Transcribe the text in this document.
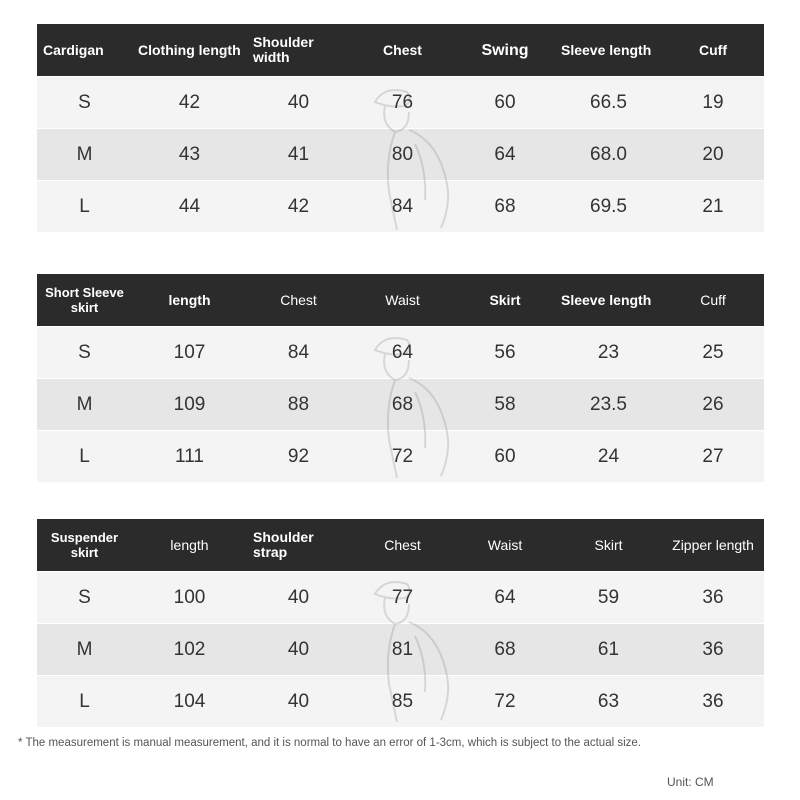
Cardigan	Clothing length	Shoulder width	Chest	Swing	Sleeve length	Cuff
S	42	40	76	60	66.5	19
M	43	41	80	64	68.0	20
L	44	42	84	68	69.5	21
Short Sleeve skirt	length	Chest	Waist	Skirt	Sleeve length	Cuff
S	107	84	64	56	23	25
M	109	88	68	58	23.5	26
L	111	92	72	60	24	27
Suspender skirt	length	Shoulder strap	Chest	Waist	Skirt	Zipper length
S	100	40	77	64	59	36
M	102	40	81	68	61	36
L	104	40	85	72	63	36
* The measurement is manual measurement, and it is normal to have an error of 1-3cm, which is subject to the actual size.
Unit: CM
